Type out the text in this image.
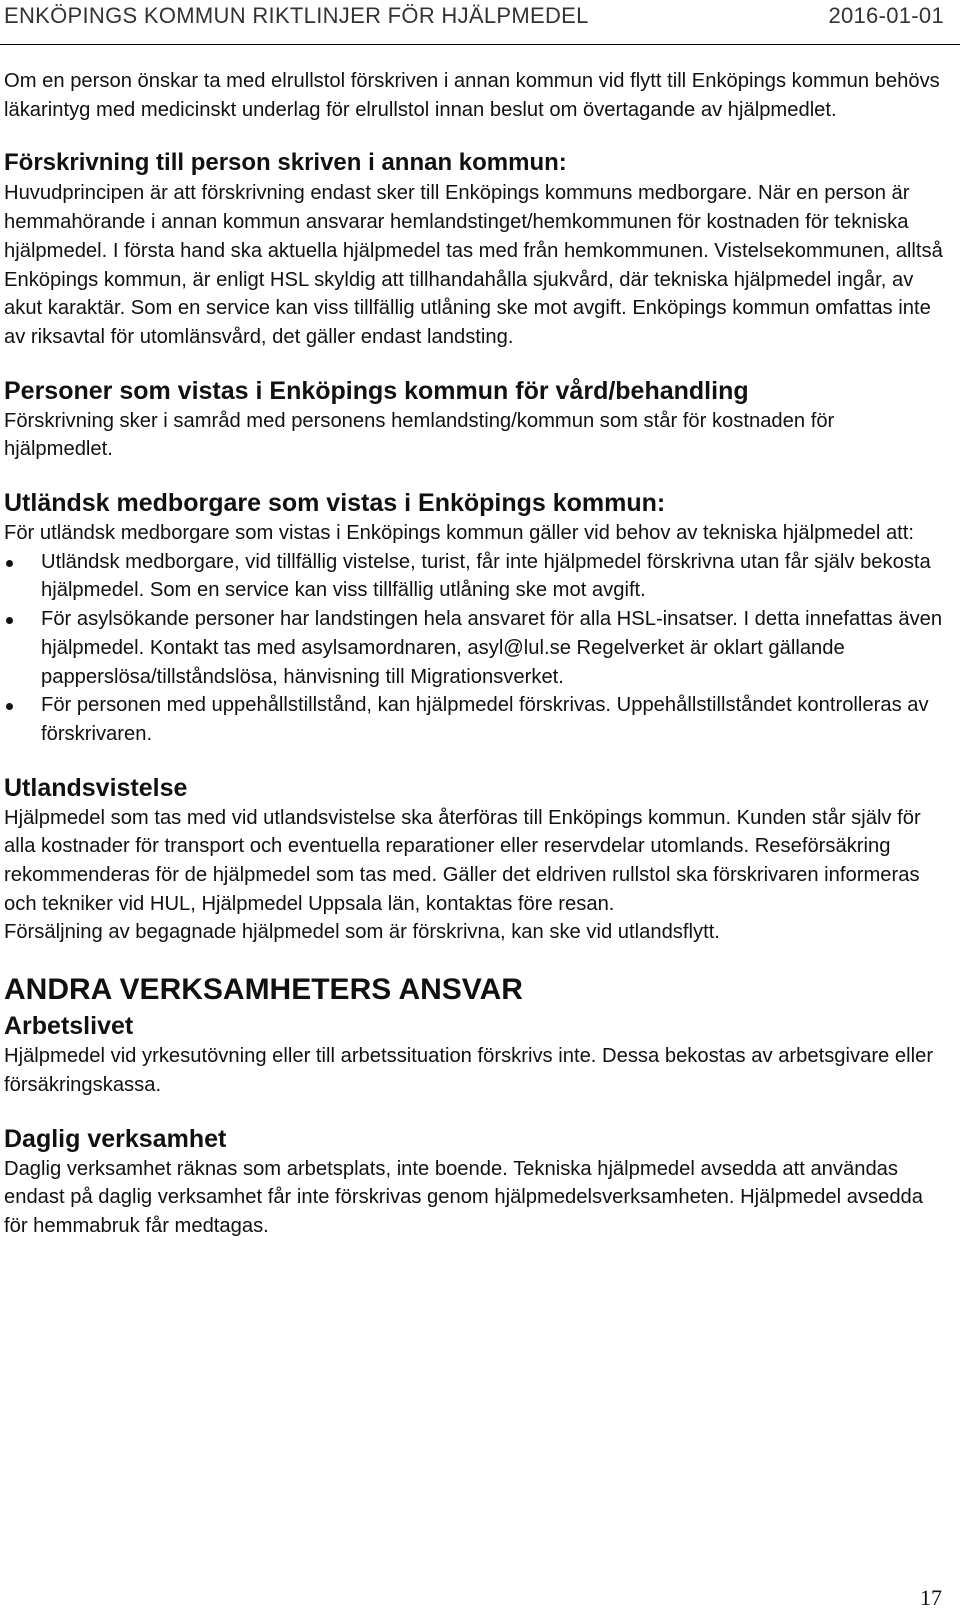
ENKÖPINGS KOMMUN RIKTLINJER FÖR HJÄLPMEDEL	2016-01-01

Om en person önskar ta med elrullstol förskriven i annan kommun vid flytt till Enköpings kommun behövs läkarintyg med medicinskt underlag för elrullstol innan beslut om övertagande av hjälpmedlet.

Förskrivning till person skriven i annan kommun:

Huvudprincipen är att förskrivning endast sker till Enköpings kommuns medborgare. När en person är hemmahörande i annan kommun ansvarar hemlandstinget/hemkommunen för kostnaden för tekniska hjälpmedel. I första hand ska aktuella hjälpmedel tas med från hemkommunen. Vistelsekommunen, alltså Enköpings kommun, är enligt HSL skyldig att tillhandahålla sjukvård, där tekniska hjälpmedel ingår, av akut karaktär. Som en service kan viss tillfällig utlåning ske mot avgift. Enköpings kommun omfattas inte av riksavtal för utomlänsvård, det gäller endast landsting.

Personer som vistas i Enköpings kommun för vård/behandling

Förskrivning sker i samråd med personens hemlandsting/kommun som står för kostnaden för hjälpmedlet.

Utländsk medborgare som vistas i Enköpings kommun:

För utländsk medborgare som vistas i Enköpings kommun gäller vid behov av tekniska hjälpmedel att:

Utländsk medborgare, vid tillfällig vistelse, turist, får inte hjälpmedel förskrivna utan får själv bekosta hjälpmedel. Som en service kan viss tillfällig utlåning ske mot avgift.
För asylsökande personer har landstingen hela ansvaret för alla HSL-insatser. I detta innefattas även hjälpmedel. Kontakt tas med asylsamordnaren, asyl@lul.se Regelverket är oklart gällande papperslösa/tillståndslösa, hänvisning till Migrationsverket.
För personen med uppehållstillstånd, kan hjälpmedel förskrivas. Uppehållstillståndet kontrolleras av förskrivaren.
Utlandsvistelse

Hjälpmedel som tas med vid utlandsvistelse ska återföras till Enköpings kommun. Kunden står själv för alla kostnader för transport och eventuella reparationer eller reservdelar utomlands. Reseförsäkring rekommenderas för de hjälpmedel som tas med. Gäller det eldriven rullstol ska förskrivaren informeras och tekniker vid HUL, Hjälpmedel Uppsala län, kontaktas före resan.

Försäljning av begagnade hjälpmedel som är förskrivna, kan ske vid utlandsflytt.

ANDRA VERKSAMHETERS ANSVAR
Arbetslivet

Hjälpmedel vid yrkesutövning eller till arbetssituation förskrivs inte. Dessa bekostas av arbetsgivare eller försäkringskassa.

Daglig verksamhet

Daglig verksamhet räknas som arbetsplats, inte boende. Tekniska hjälpmedel avsedda att användas endast på daglig verksamhet får inte förskrivas genom hjälpmedelsverksamheten. Hjälpmedel avsedda för hemmabruk får medtagas.

17
